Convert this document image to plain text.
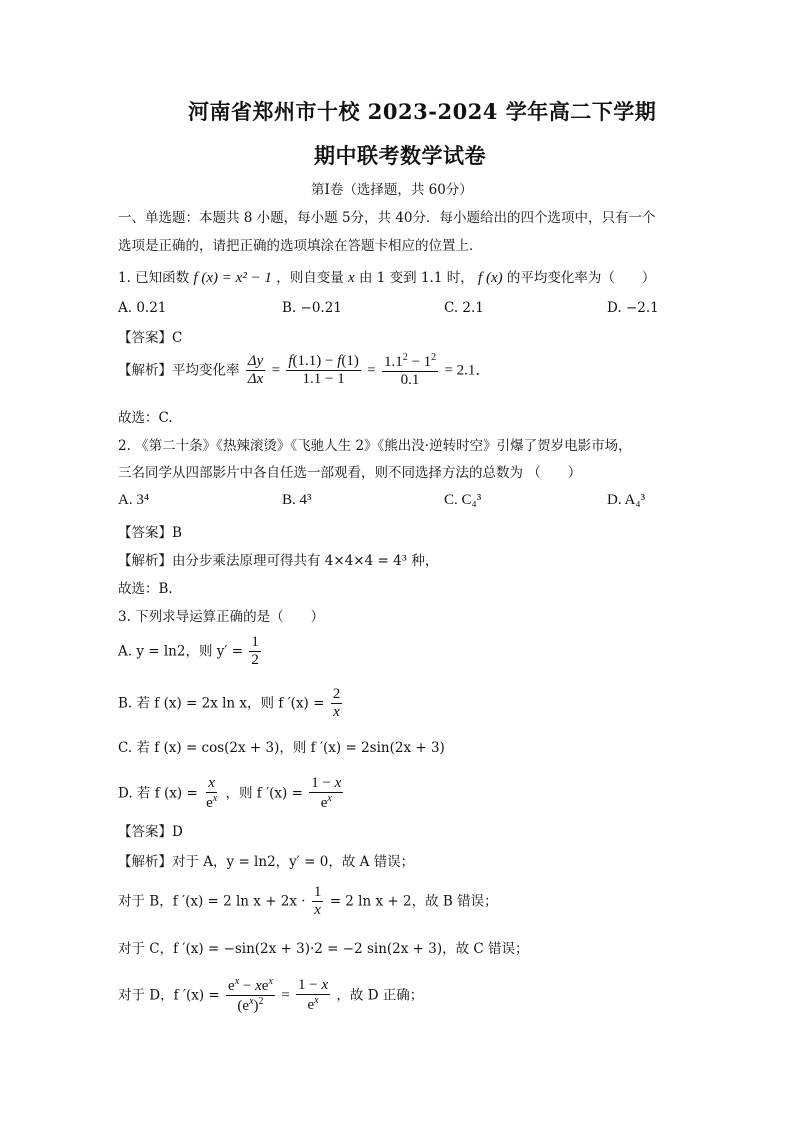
河南省郑州市十校 2023-2024 学年高二下学期
期中联考数学试卷
第Ⅰ卷（选择题，共 60分）
一、单选题：本题共 8 小题，每小题 5分，共 40分．每小题给出的四个选项中，只有一个
选项是正确的，请把正确的选项填涂在答题卡相应的位置上．
1. 已知函数 f (x) = x² − 1 ，则自变量 x 由 1 变到 1.1 时， f (x) 的平均变化率为（　　）
A. 0.21	B. −0.21	C. 2.1	D. −2.1
【答案】C
【解析】平均变化率 $\frac{\Delta y}{\Delta x} = \frac{f(1.1) - f(1)}{1.1 - 1} = \frac{1.1^2 - 1^2}{0.1} = 2.1$．
故选：C.
2. 《第二十条》《热辣滚烫》《飞驰人生 2》《熊出没·逆转时空》引爆了贺岁电影市场，
三名同学从四部影片中各自任选一部观看，则不同选择方法的总数为 （　　）
A. 3⁴	B. 4³	C. C₄³	D. A₄³
【答案】B
【解析】由分步乘法原理可得共有 4×4×4 = 4³ 种，
故选：B.
3. 下列求导运算正确的是（　　）
A. y = ln2，则 $y' = \frac{1}{2}$
B. 若 f (x) = 2x ln x，则 f $'(x) = \frac{2}{x}$
C. 若 f (x) = cos(2x + 3)，则 f ′(x) = 2sin(2x + 3)
D. 若 f $(x) = \frac{x}{e^x}$ ，则 f $'(x) = \frac{1 - x}{e^x}$
【答案】D
【解析】对于 A，y = ln2，y′ = 0，故 A 错误；
对于 B，f ′(x) = 2 $\ln x + 2x \cdot \frac{1}{x} = 2$ ln x + 2，故 B 错误；
对于 C，f ′(x) = −sin(2x + 3)·2 = −2 sin(2x + 3)，故 C 错误；
对于 D，f $'(x) = \frac{e^x - xe^x}{(e^x)^2} = \frac{1 - x}{e^x}$ ，故 D 正确；
